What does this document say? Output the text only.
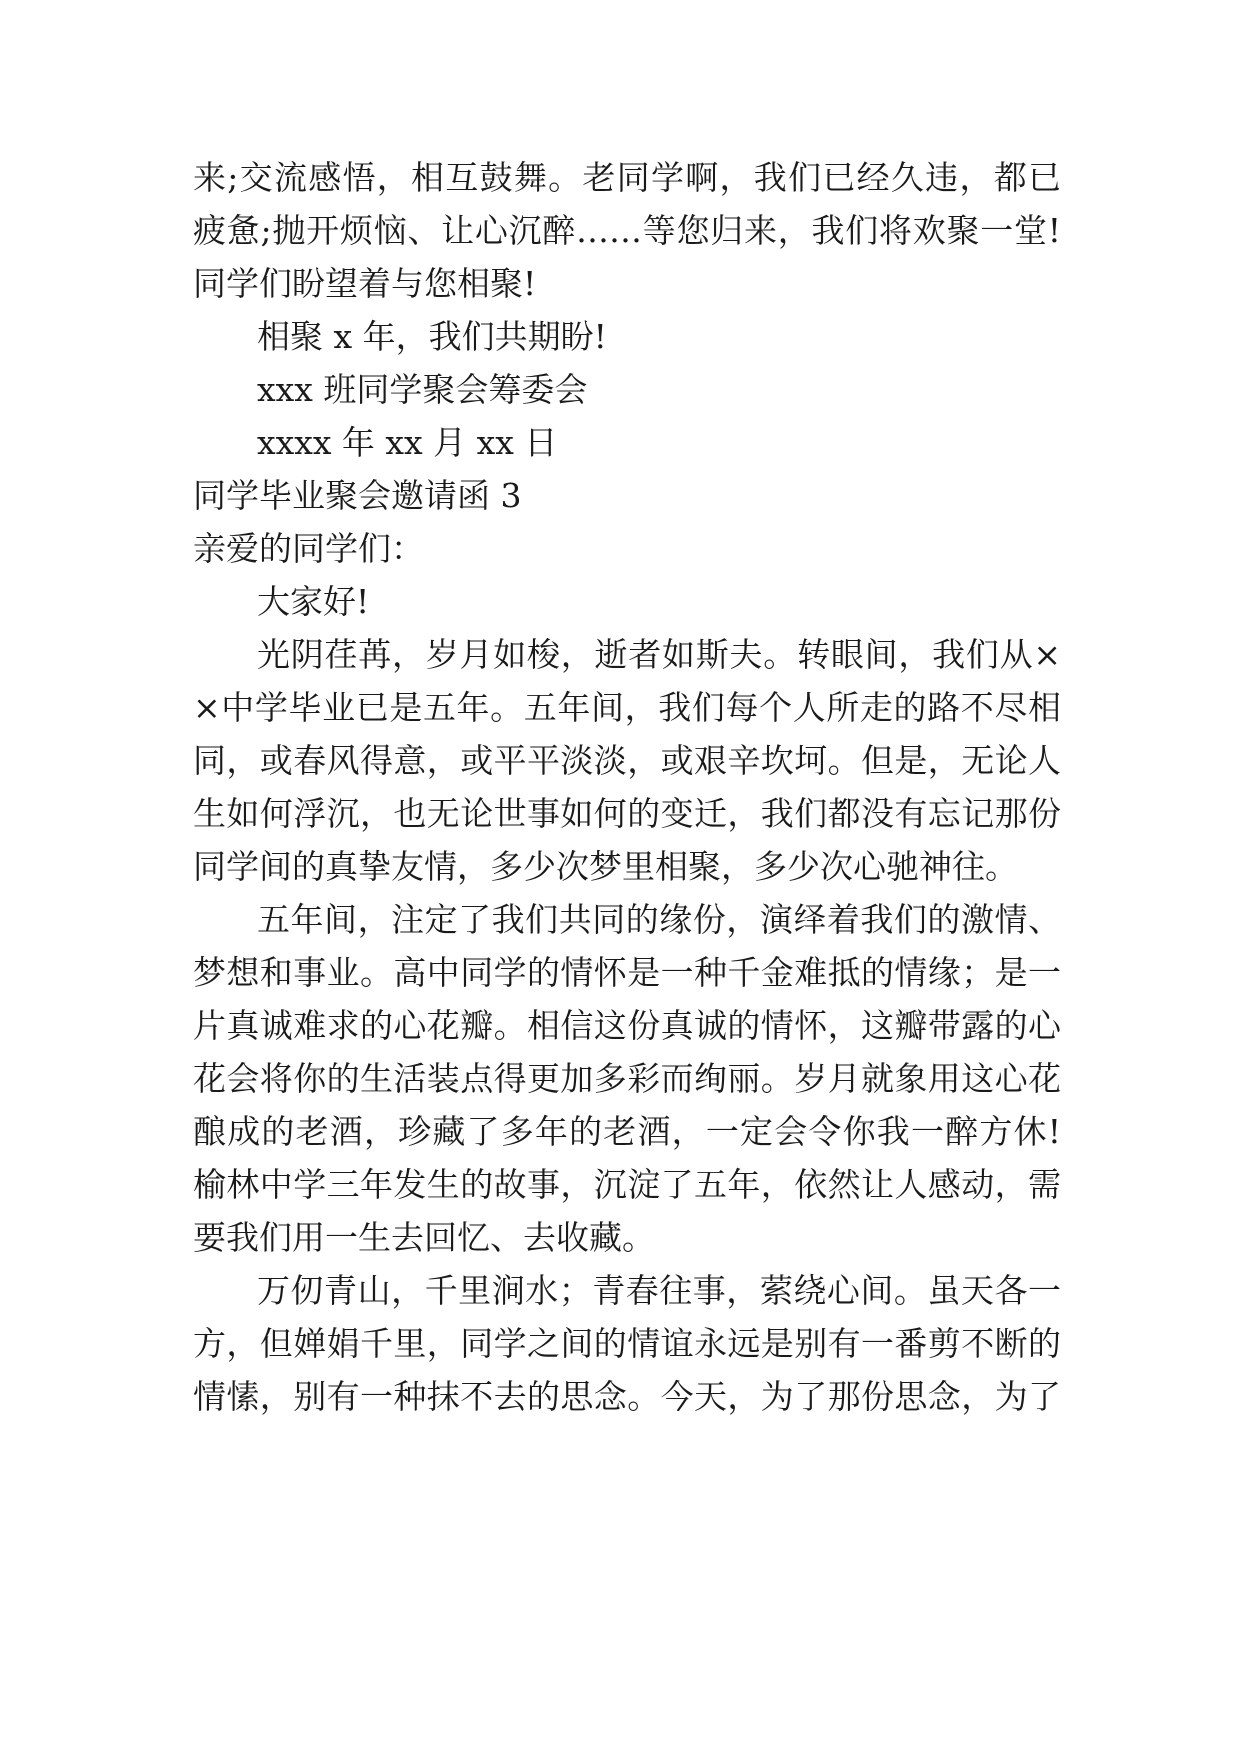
来;交流感悟，相互鼓舞。老同学啊，我们已经久违，都已
疲惫;抛开烦恼、让心沉醉……等您归来，我们将欢聚一堂!
同学们盼望着与您相聚!
相聚 x 年，我们共期盼!
xxx 班同学聚会筹委会
xxxx 年 xx 月 xx 日
同学毕业聚会邀请函 3
亲爱的同学们：
大家好!
光阴荏苒，岁月如梭，逝者如斯夫。转眼间，我们从×
×中学毕业已是五年。五年间，我们每个人所走的路不尽相
同，或春风得意，或平平淡淡，或艰辛坎坷。但是，无论人
生如何浮沉，也无论世事如何的变迁，我们都没有忘记那份
同学间的真挚友情，多少次梦里相聚，多少次心驰神往。
五年间，注定了我们共同的缘份，演绎着我们的激情、
梦想和事业。高中同学的情怀是一种千金难抵的情缘；是一
片真诚难求的心花瓣。相信这份真诚的情怀，这瓣带露的心
花会将你的生活装点得更加多彩而绚丽。岁月就象用这心花
酿成的老酒，珍藏了多年的老酒，一定会令你我一醉方休!
榆林中学三年发生的故事，沉淀了五年，依然让人感动，需
要我们用一生去回忆、去收藏。
万仞青山，千里涧水；青春往事，萦绕心间。虽天各一
方，但婵娟千里，同学之间的情谊永远是别有一番剪不断的
情愫，别有一种抹不去的思念。今天，为了那份思念，为了
